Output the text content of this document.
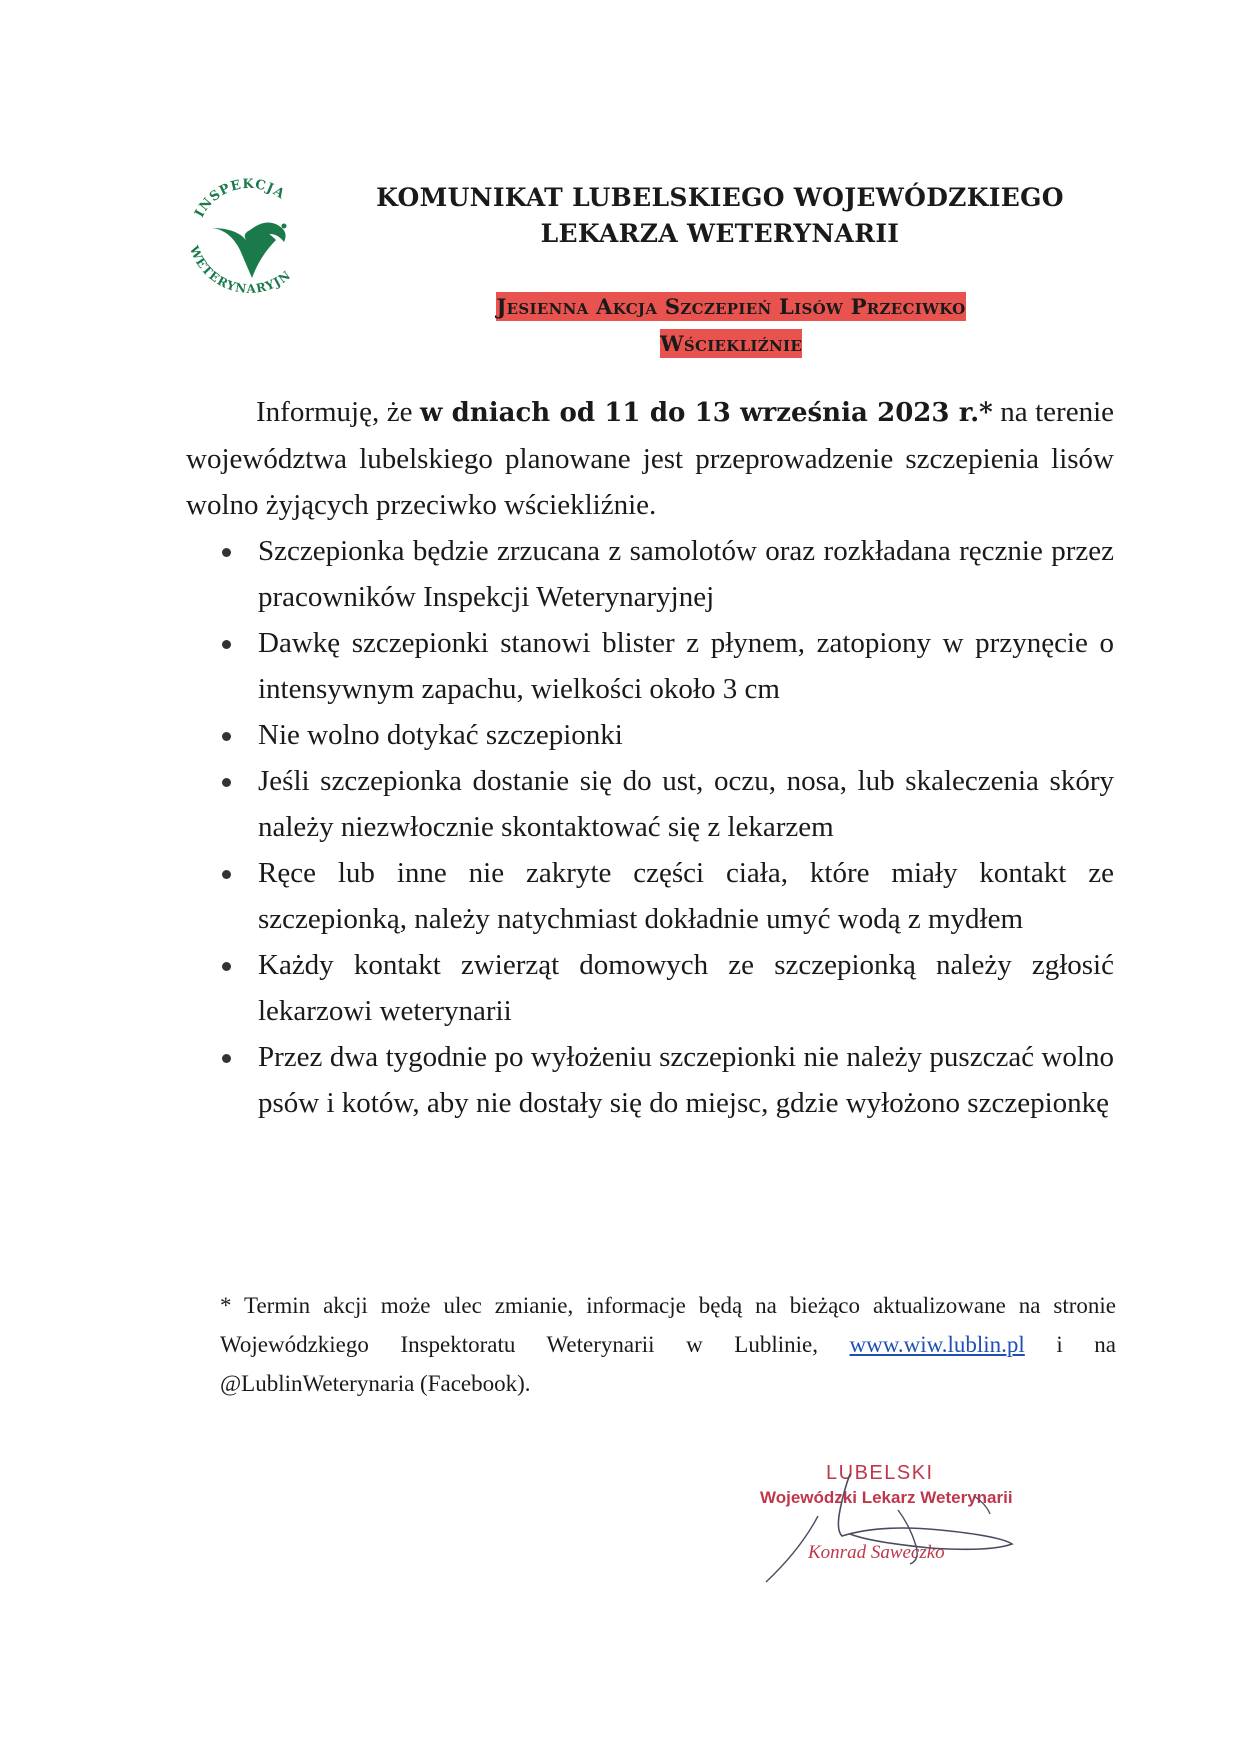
INSPEKCJA
ETERYNARYJN
KOMUNIKAT LUBELSKIEGO WOJEWÓDZKIEGO
LEKARZA WETERYNARII
Jesienna Akcja Szczepień Lisów Przeciwko
Wściekliźnie

Informuję, że w dniach od 11 do 13 września 2023 r.* na terenie województwa lubelskiego planowane jest przeprowadzenie szczepienia lisów wolno żyjących przeciwko wściekliźnie.

Szczepionka będzie zrzucana z samolotów oraz rozkładana ręcznie przez pracowników Inspekcji Weterynaryjnej
Dawkę szczepionki stanowi blister z płynem, zatopiony w przynęcie o intensywnym zapachu, wielkości około 3 cm
Nie wolno dotykać szczepionki
Jeśli szczepionka dostanie się do ust, oczu, nosa, lub skaleczenia skóry należy niezwłocznie skontaktować się z lekarzem
Ręce lub inne nie zakryte części ciała, które miały kontakt ze szczepionką, należy natychmiast dokładnie umyć wodą z mydłem
Każdy kontakt zwierząt domowych ze szczepionką należy zgłosić lekarzowi weterynarii
Przez dwa tygodnie po wyłożeniu szczepionki nie należy puszczać wolno psów i kotów, aby nie dostały się do miejsc, gdzie wyłożono szczepionkę
* Termin akcji może ulec zmianie, informacje będą na bieżąco aktualizowane na stronie Wojewódzkiego Inspektoratu Weterynarii w Lublinie, www.wiw.lublin.pl i na @LublinWeterynaria (Facebook).
LUBELSKI
Wojewódzki Lekarz Weterynarii
Konrad Saweczko
